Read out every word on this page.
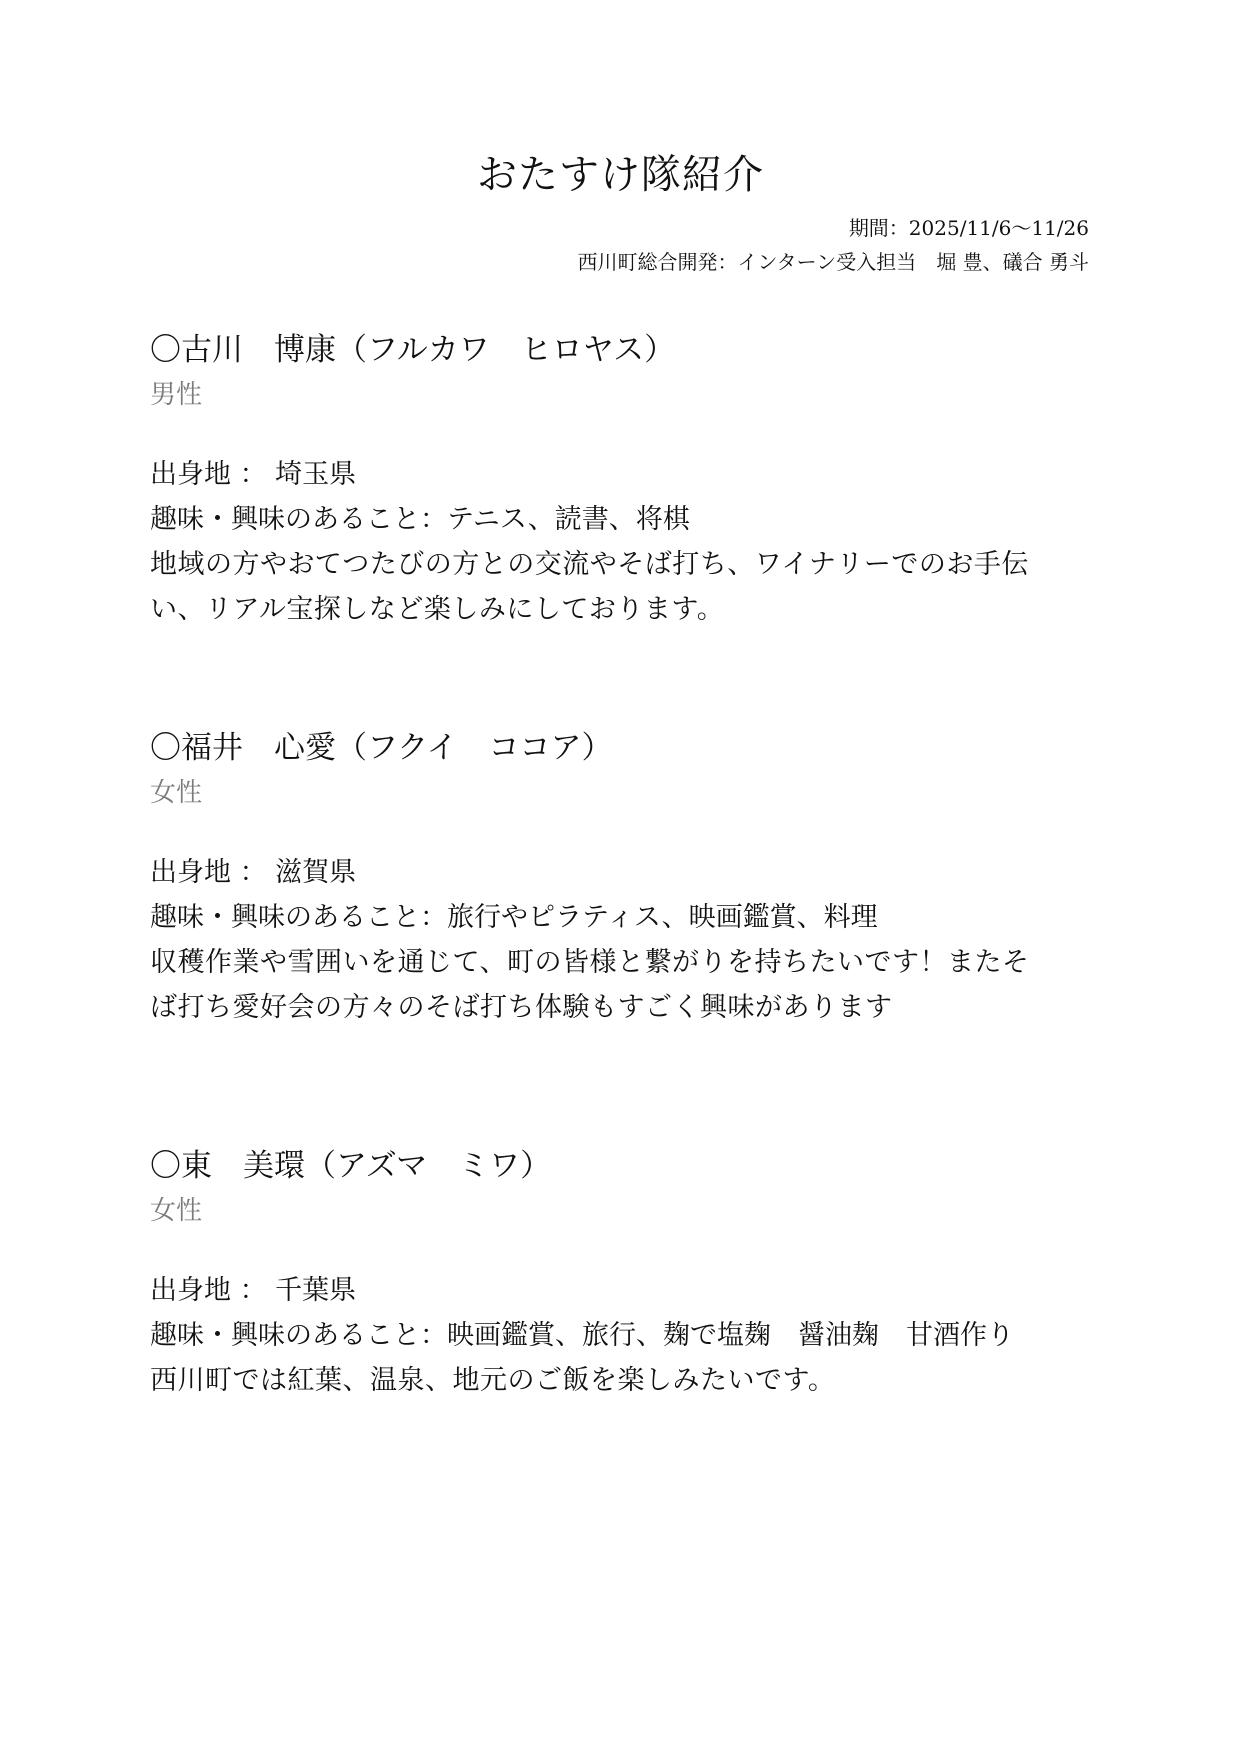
おたすけ隊紹介
期間：2025/11/6〜11/26
西川町総合開発：インターン受入担当　堀 豊、礒合 勇斗
〇古川　博康（フルカワ　ヒロヤス）
男性
出身地 ： 埼玉県
趣味・興味のあること：テニス、読書、将棋
地域の方やおてつたびの方との交流やそば打ち、ワイナリーでのお手伝
い、リアル宝探しなど楽しみにしております。
〇福井　心愛（フクイ　ココア）
女性
出身地 ： 滋賀県
趣味・興味のあること：旅行やピラティス、映画鑑賞、料理
収穫作業や雪囲いを通じて、町の皆様と繋がりを持ちたいです！またそ
ば打ち愛好会の方々のそば打ち体験もすごく興味があります
〇東　美環（アズマ　ミワ）
女性
出身地 ： 千葉県
趣味・興味のあること：映画鑑賞、旅行、麹で塩麹　醤油麹　甘酒作り
西川町では紅葉、温泉、地元のご飯を楽しみたいです。
